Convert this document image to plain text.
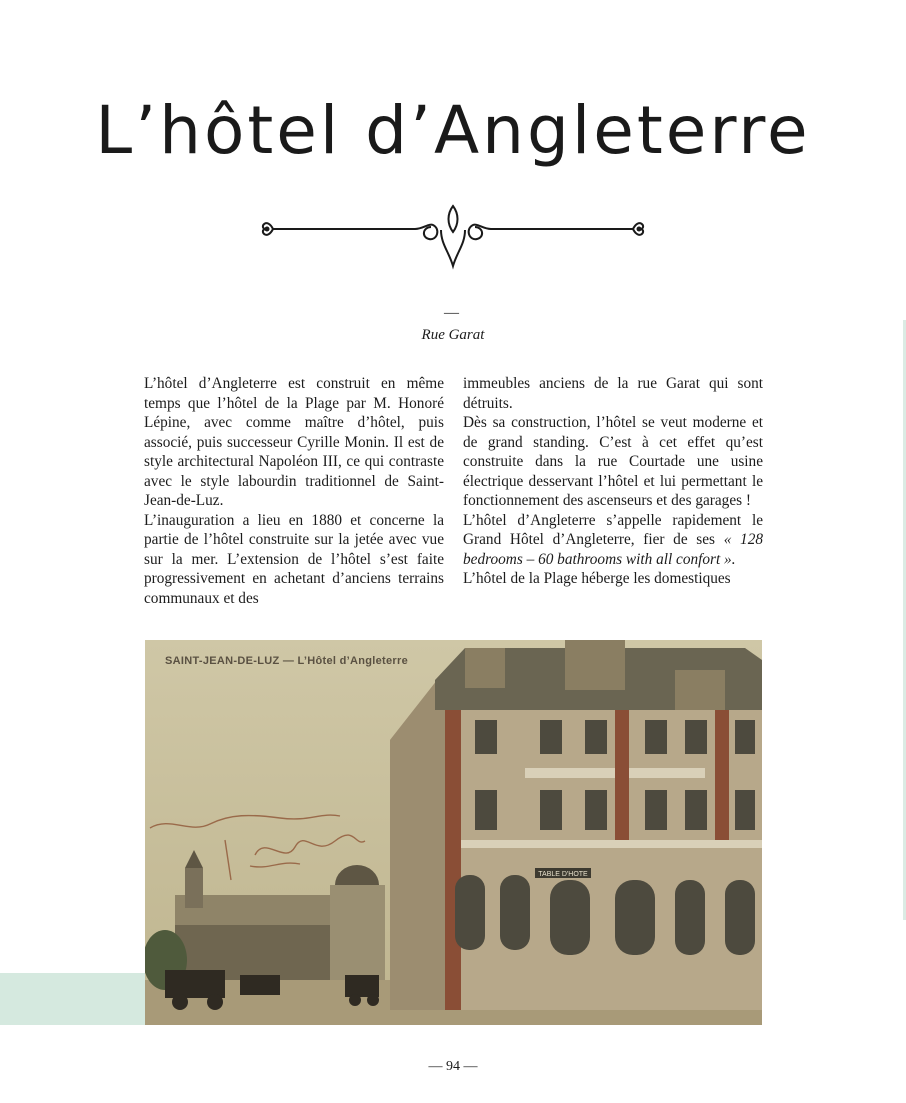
L’hôtel d’Angleterre
—
Rue Garat

L’hôtel d’Angleterre est construit en même temps que l’hôtel de la Plage par M. Honoré Lépine, avec comme maître d’hôtel, puis associé, puis successeur Cyrille Monin. Il est de style architectural Napoléon III, ce qui contraste avec le style labourdin traditionnel de Saint-Jean-de-Luz.

L’inauguration a lieu en 1880 et concerne la partie de l’hôtel construite sur la jetée avec vue sur la mer. L’extension de l’hôtel s’est faite progressivement en achetant d’anciens terrains communaux et des

immeubles anciens de la rue Garat qui sont détruits.

Dès sa construction, l’hôtel se veut moderne et de grand standing. C’est à cet effet qu’est construite dans la rue Courtade une usine électrique desservant l’hôtel et lui permettant le fonctionnement des ascenseurs et des garages !

L’hôtel d’Angleterre s’appelle rapidement le Grand Hôtel d’Angleterre, fier de ses « 128 bedrooms – 60 bathrooms with all confort ».

L’hôtel de la Plage héberge les domestiques

TABLE D'HOTE
SAINT-JEAN-DE-LUZ — L’Hôtel d’Angleterre
— 94 —
